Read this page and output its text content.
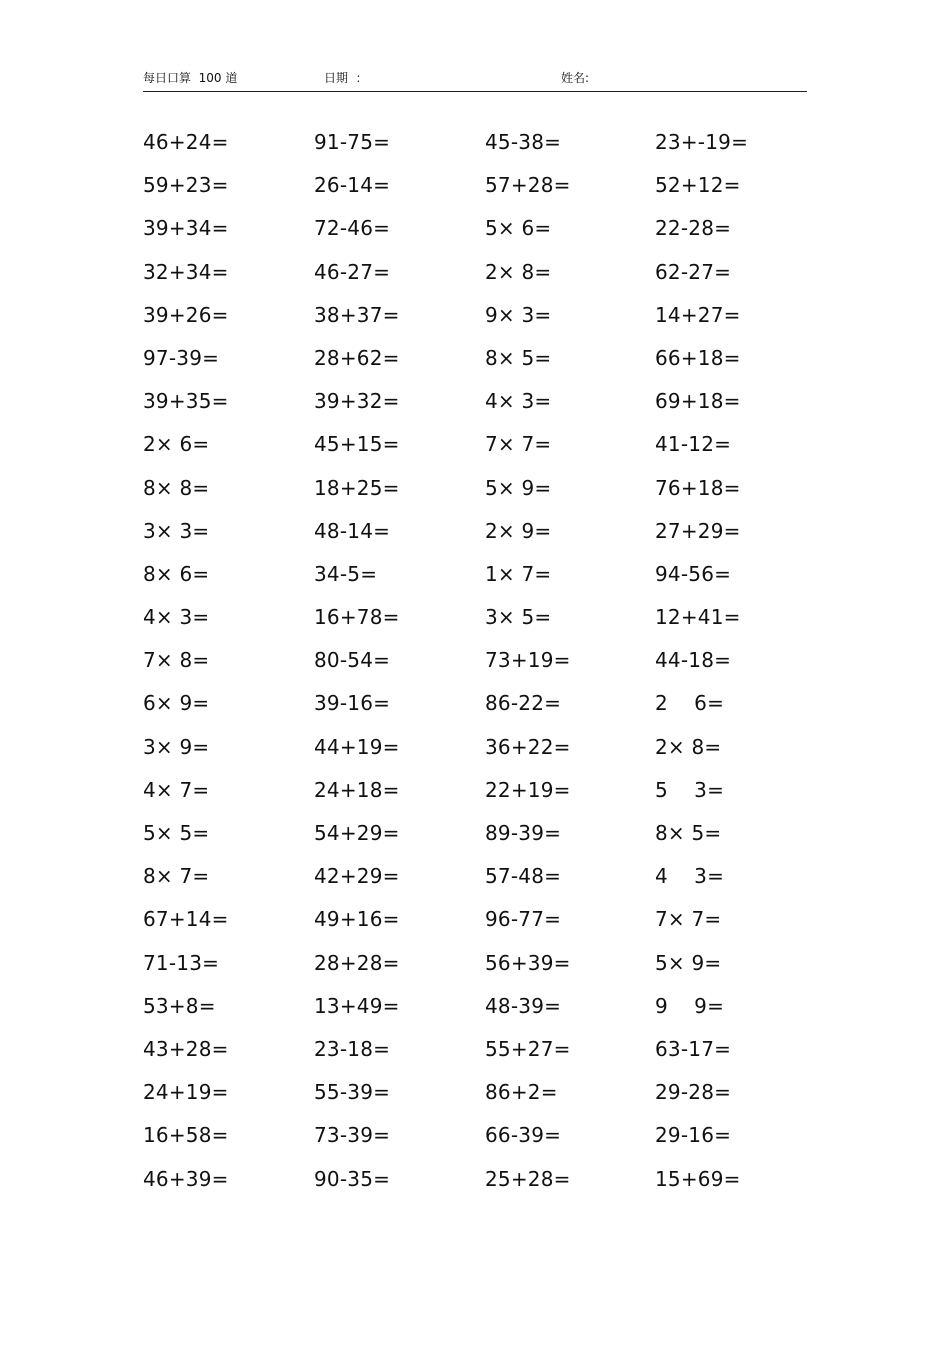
每日口算  100 道	日期  ：	姓名:
46+24=	91-75=	45-38=	23+-19=
59+23=	26-14=	57+28=	52+12=
39+34=	72-46=	5× 6=	22-28=
32+34=	46-27=	2× 8=	62-27=
39+26=	38+37=	9× 3=	14+27=
97-39=	28+62=	8× 5=	66+18=
39+35=	39+32=	4× 3=	69+18=
2× 6=	45+15=	7× 7=	41-12=
8× 8=	18+25=	5× 9=	76+18=
3× 3=	48-14=	2× 9=	27+29=
8× 6=	34-5=	1× 7=	94-56=
4× 3=	16+78=	3× 5=	12+41=
7× 8=	80-54=	73+19=	44-18=
6× 9=	39-16=	86-22=	2    6=
3× 9=	44+19=	36+22=	2× 8=
4× 7=	24+18=	22+19=	5    3=
5× 5=	54+29=	89-39=	8× 5=
8× 7=	42+29=	57-48=	4    3=
67+14=	49+16=	96-77=	7× 7=
71-13=	28+28=	56+39=	5× 9=
53+8=	13+49=	48-39=	9    9=
43+28=	23-18=	55+27=	63-17=
24+19=	55-39=	86+2=	29-28=
16+58=	73-39=	66-39=	29-16=
46+39=	90-35=	25+28=	15+69=
